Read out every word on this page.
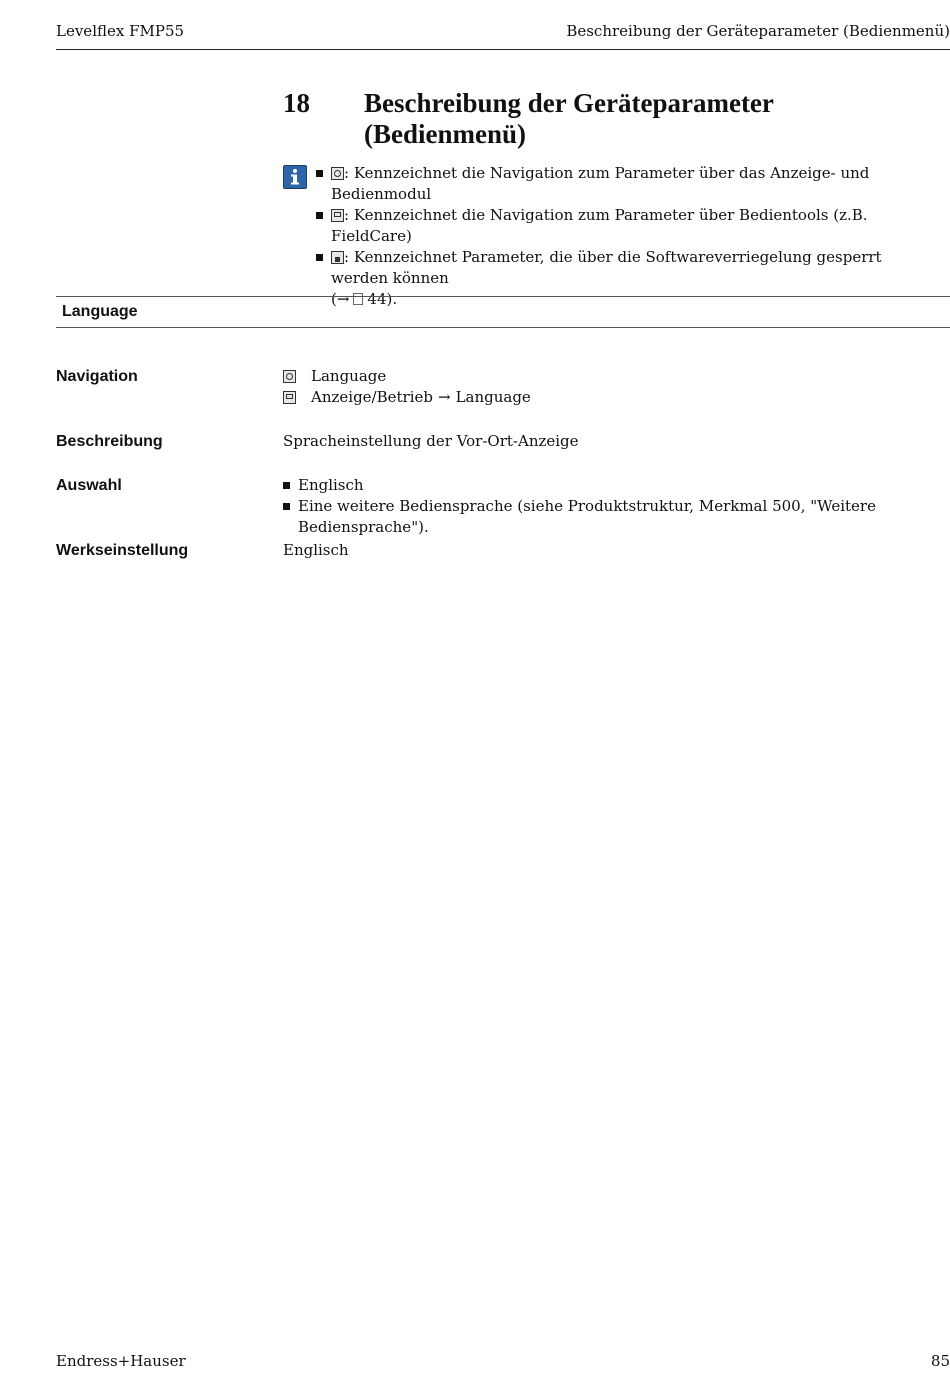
Levelflex FMP55	Beschreibung der Geräteparameter (Bedienmenü)
18	Beschreibung der Geräteparameter (Bedienmenü)
: Kennzeichnet die Navigation zum Parameter über das Anzeige- und Bedienmodul
: Kennzeichnet die Navigation zum Parameter über Bedientools (z.B. FieldCare)
: Kennzeichnet Parameter, die über die Softwareverriegelung gesperrt werden können
(→ 44).
Language
Navigation	Language
Anzeige/Betrieb → Language
Beschreibung	Spracheinstellung der Vor-Ort-Anzeige
Auswahl	Englisch
Eine weitere Bediensprache (siehe Produktstruktur, Merkmal 500, "Weitere Bediensprache").
Werkseinstellung	Englisch
Endress+Hauser	85
